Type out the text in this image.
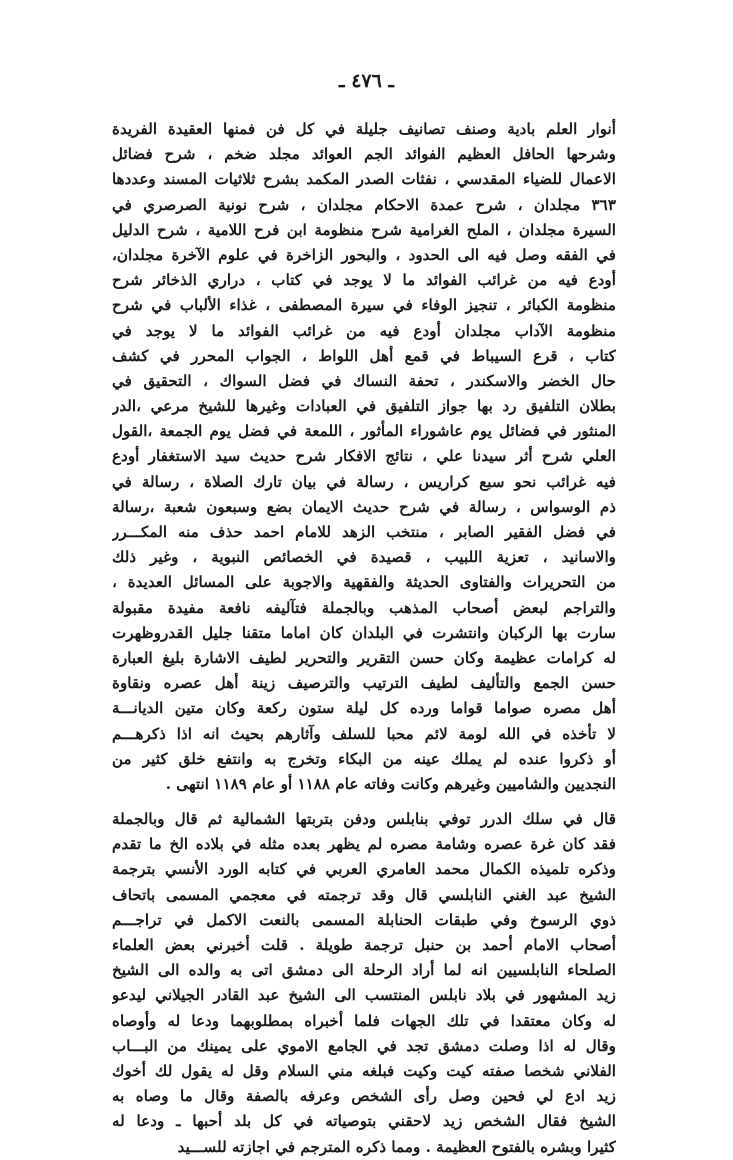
ـ ٤٧٦ ـ
أنوار العلم بادية وصنف تصانيف جليلة في كل فن فمنها العقيدة الفريدة
وشرحها الحافل العظيم الفوائد الجم العوائد مجلد ضخم ، شرح فضائل
الاعمال للضياء المقدسي ، نفثات الصدر المكمد بشرح ثلاثيات المسند وعددها
٣٦٣ مجلدان ، شرح عمدة الاحكام مجلدان ، شرح نونية الصرصري في
السيرة مجلدان ، الملح الغرامية شرح منظومة ابن فرح اللامية ، شرح الدليل
في الفقه وصل فيه الى الحدود ، والبحور الزاخرة في علوم الآخرة مجلدان،
أودع فيه من غرائب الفوائد ما لا يوجد في كتاب ، دراري الذخائر شرح
منظومة الكبائر ، تنجيز الوفاء في سيرة المصطفى ، غذاء الألباب في شرح
منظومة الآداب مجلدان أودع فيه من غرائب الفوائد ما لا يوجد في
كتاب ، قرع السيباط في قمع أهل اللواط ، الجواب المحرر في كشف
حال الخضر والاسكندر ، تحفة النساك في فضل السواك ، التحقيق في
بطلان التلفيق رد بها جواز التلفيق في العبادات وغيرها للشيخ مرعي ،الدر
المنثور في فضائل يوم عاشوراء المأثور ، اللمعة في فضل يوم الجمعة ،القول
العلي شرح أثر سيدنا علي ، نتائج الافكار شرح حديث سيد الاستغفار أودع
فيه غرائب نحو سبع كراريس ، رسالة في بيان تارك الصلاة ، رسالة في
ذم الوسواس ، رسالة في شرح حديث الايمان بضع وسبعون شعبة ،رسالة
في فضل الفقير الصابر ، منتخب الزهد للامام احمد حذف منه المكـــرر
والاسانيد ، تعزية اللبيب ، قصيدة في الخصائص النبوية ، وغير ذلك
من التحريرات والفتاوى الحديثة والفقهية والاجوبة على المسائل العديدة ،
والتراجم لبعض أصحاب المذهب وبالجملة فتآليفه نافعة مفيدة مقبولة
سارت بها الركبان وانتشرت في البلدان كان اماما متقنا جليل القدروظهرت
له كرامات عظيمة وكان حسن التقرير والتحرير لطيف الاشارة بليغ العبارة
حسن الجمع والتأليف لطيف الترتيب والترصيف زينة أهل عصره ونقاوة
أهل مصره صواما قواما ورده كل ليلة ستون ركعة وكان متين الديانـــة
لا تأخذه في الله لومة لائم محبا للسلف وآثارهم بحيث انه اذا ذكرهـــم
أو ذكروا عنده لم يملك عينه من البكاء وتخرج به وانتفع خلق كثير من
النجديين والشاميين وغيرهم وكانت وفاته عام ١١٨٨ أو عام ١١٨٩ انتهى .
قال في سلك الدرر توفي بنابلس ودفن بتربتها الشمالية ثم قال وبالجملة
فقد كان غرة عصره وشامة مصره لم يظهر بعده مثله في بلاده الخ ما تقدم
وذكره تلميذه الكمال محمد العامري العربي في كتابه الورد الأنسي بترجمة
الشيخ عبد الغني النابلسي قال وقد ترجمته في معجمي المسمى باتحاف
ذوي الرسوخ وفي طبقات الحنابلة المسمى بالنعت الاكمل في تراجـــم
أصحاب الامام أحمد بن حنبل ترجمة طويلة . قلت أخبرني بعض العلماء
الصلحاء النابلسيين انه لما أراد الرحلة الى دمشق اتى به والده الى الشيخ
زيد المشهور في بلاد نابلس المنتسب الى الشيخ عبد القادر الجيلاني ليدعو
له وكان معتقدا في تلك الجهات فلما أخبراه بمطلوبهما ودعا له وأوصاه
وقال له اذا وصلت دمشق تجد في الجامع الاموي على يمينك من البـــاب
الفلاني شخصا صفته كيت وكيت فبلغه مني السلام وقل له يقول لك أخوك
زيد ادع لي فحين وصل رأى الشخص وعرفه بالصفة وقال ما وصاه به
الشيخ فقال الشخص زيد لاحقني بتوصياته في كل بلد أحبها ـ ودعا له
كثيرا وبشره بالفتوح العظيمة . ومما ذكره المترجم في اجازته للســـيد
